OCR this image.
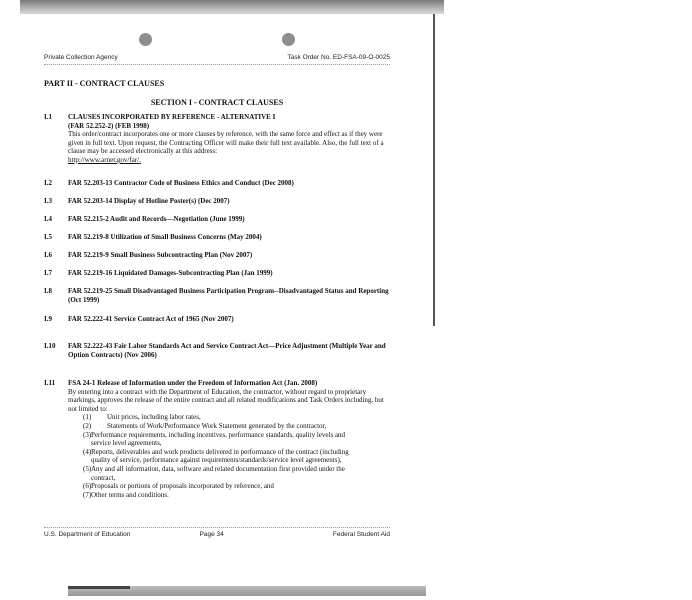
Private Collection Agency	Task Order No. ED-FSA-09-O-0025
PART II - CONTRACT CLAUSES
SECTION I - CONTRACT CLAUSES
I.1	CLAUSES INCORPORATED BY REFERENCE - ALTERNATIVE I
(FAR 52.252-2) (FEB 1998)
This order/contract incorporates one or more clauses by reference, with the same force and effect as if they were given in full text. Upon request, the Contracting Officer will make their full text available. Also, the full text of a clause may be accessed electronically at this address:
http://www.arnet.gov/far/.
I.2	FAR 52.203-13 Contractor Code of Business Ethics and Conduct (Dec 2008)
I.3	FAR 52.203-14 Display of Hotline Poster(s) (Dec 2007)
I.4	FAR 52.215-2 Audit and Records—Negotiation (June 1999)
I.5	FAR 52.219-8 Utilization of Small Business Concerns (May 2004)
I.6	FAR 52.219-9 Small Business Subcontracting Plan (Nov 2007)
I.7	FAR 52.219-16 Liquidated Damages-Subcontracting Plan (Jan 1999)
I.8	FAR 52.219-25 Small Disadvantaged Business Participation Program--Disadvantaged Status and Reporting (Oct 1999)
I.9	FAR 52.222-41 Service Contract Act of 1965 (Nov 2007)
I.10	FAR 52.222-43 Fair Labor Standards Act and Service Contract Act—Price Adjustment (Multiple Year and Option Contracts) (Nov 2006)
I.11	FSA 24-1 Release of Information under the Freedom of Information Act (Jan. 2008)
By entering into a contract with the Department of Education, the contractor, without regard to proprietary markings, approves the release of the entire contract and all related modifications and Task Orders including, but not limited to:
(1)	Unit prices, including labor rates,
(2)	Statements of Work/Performance Work Statement generated by the contractor,
(3) Performance requirements, including incentives, performance standards, quality levels and service level agreements,
(4) Reports, deliverables and work products delivered in performance of the contract (including quality of service, performance against requirements/standards/service level agreements),
(5) Any and all information, data, software and related documentation first provided under the contract,
(6) Proposals or portions of proposals incorporated by reference, and
(7) Other terms and conditions.
U.S. Department of Education	Page 34	Federal Student Aid
